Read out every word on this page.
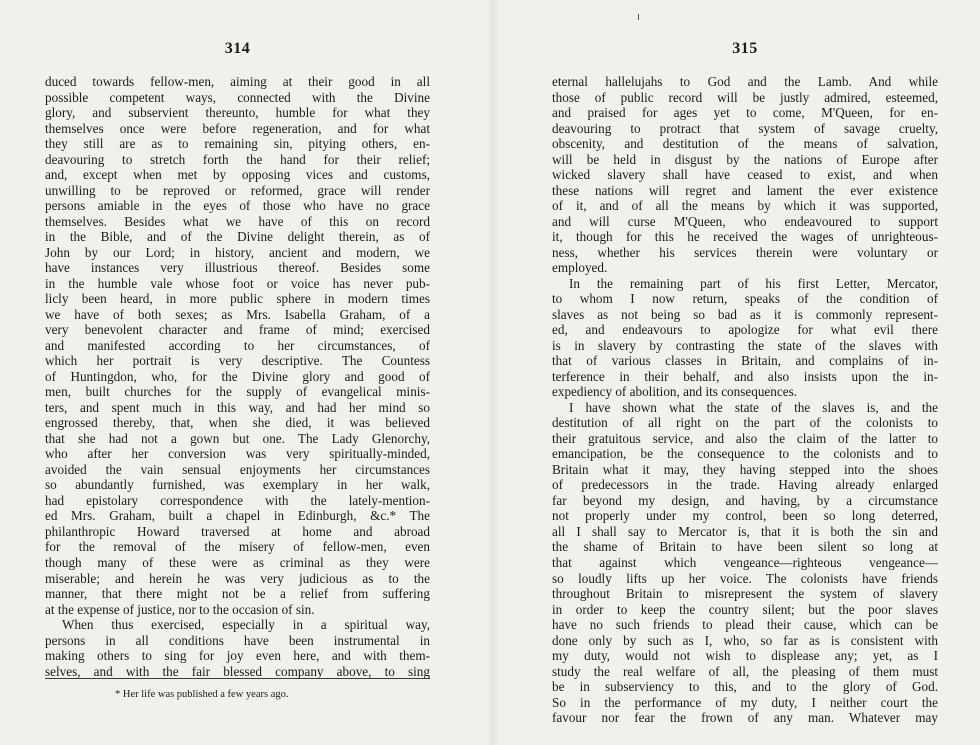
314
duced towards fellow-men, aiming at their good in all
possible competent ways, connected with the Divine
glory, and subservient thereunto, humble for what they
themselves once were before regeneration, and for what
they still are as to remaining sin, pitying others, en-
deavouring to stretch forth the hand for their relief;
and, except when met by opposing vices and customs,
unwilling to be reproved or reformed, grace will render
persons amiable in the eyes of those who have no grace
themselves. Besides what we have of this on record
in the Bible, and of the Divine delight therein, as of
John by our Lord; in history, ancient and modern, we
have instances very illustrious thereof. Besides some
in the humble vale whose foot or voice has never pub-
licly been heard, in more public sphere in modern times
we have of both sexes; as Mrs. Isabella Graham, of a
very benevolent character and frame of mind; exercised
and manifested according to her circumstances, of
which her portrait is very descriptive. The Countess
of Huntingdon, who, for the Divine glory and good of
men, built churches for the supply of evangelical minis-
ters, and spent much in this way, and had her mind so
engrossed thereby, that, when she died, it was believed
that she had not a gown but one. The Lady Glenorchy,
who after her conversion was very spiritually-minded,
avoided the vain sensual enjoyments her circumstances
so abundantly furnished, was exemplary in her walk,
had epistolary correspondence with the lately-mention-
ed Mrs. Graham, built a chapel in Edinburgh, &c.* The
philanthropic Howard traversed at home and abroad
for the removal of the misery of fellow-men, even
though many of these were as criminal as they were
miserable; and herein he was very judicious as to the
manner, that there might not be a relief from suffering
at the expense of justice, nor to the occasion of sin.
When thus exercised, especially in a spiritual way,
persons in all conditions have been instrumental in
making others to sing for joy even here, and with them-
selves, and with the fair blessed company above, to sing
* Her life was published a few years ago.
315
eternal hallelujahs to God and the Lamb. And while
those of public record will be justly admired, esteemed,
and praised for ages yet to come, M'Queen, for en-
deavouring to protract that system of savage cruelty,
obscenity, and destitution of the means of salvation,
will be held in disgust by the nations of Europe after
wicked slavery shall have ceased to exist, and when
these nations will regret and lament the ever existence
of it, and of all the means by which it was supported,
and will curse M'Queen, who endeavoured to support
it, though for this he received the wages of unrighteous-
ness, whether his services therein were voluntary or
employed.
In the remaining part of his first Letter, Mercator,
to whom I now return, speaks of the condition of
slaves as not being so bad as it is commonly represent-
ed, and endeavours to apologize for what evil there
is in slavery by contrasting the state of the slaves with
that of various classes in Britain, and complains of in-
terference in their behalf, and also insists upon the in-
expediency of abolition, and its consequences.
I have shown what the state of the slaves is, and the
destitution of all right on the part of the colonists to
their gratuitous service, and also the claim of the latter to
emancipation, be the consequence to the colonists and to
Britain what it may, they having stepped into the shoes
of predecessors in the trade. Having already enlarged
far beyond my design, and having, by a circumstance
not properly under my control, been so long deterred,
all I shall say to Mercator is, that it is both the sin and
the shame of Britain to have been silent so long at
that against which vengeance—righteous vengeance—
so loudly lifts up her voice. The colonists have friends
throughout Britain to misrepresent the system of slavery
in order to keep the country silent; but the poor slaves
have no such friends to plead their cause, which can be
done only by such as I, who, so far as is consistent with
my duty, would not wish to displease any; yet, as I
study the real welfare of all, the pleasing of them must
be in subserviency to this, and to the glory of God.
So in the performance of my duty, I neither court the
favour nor fear the frown of any man. Whatever may
